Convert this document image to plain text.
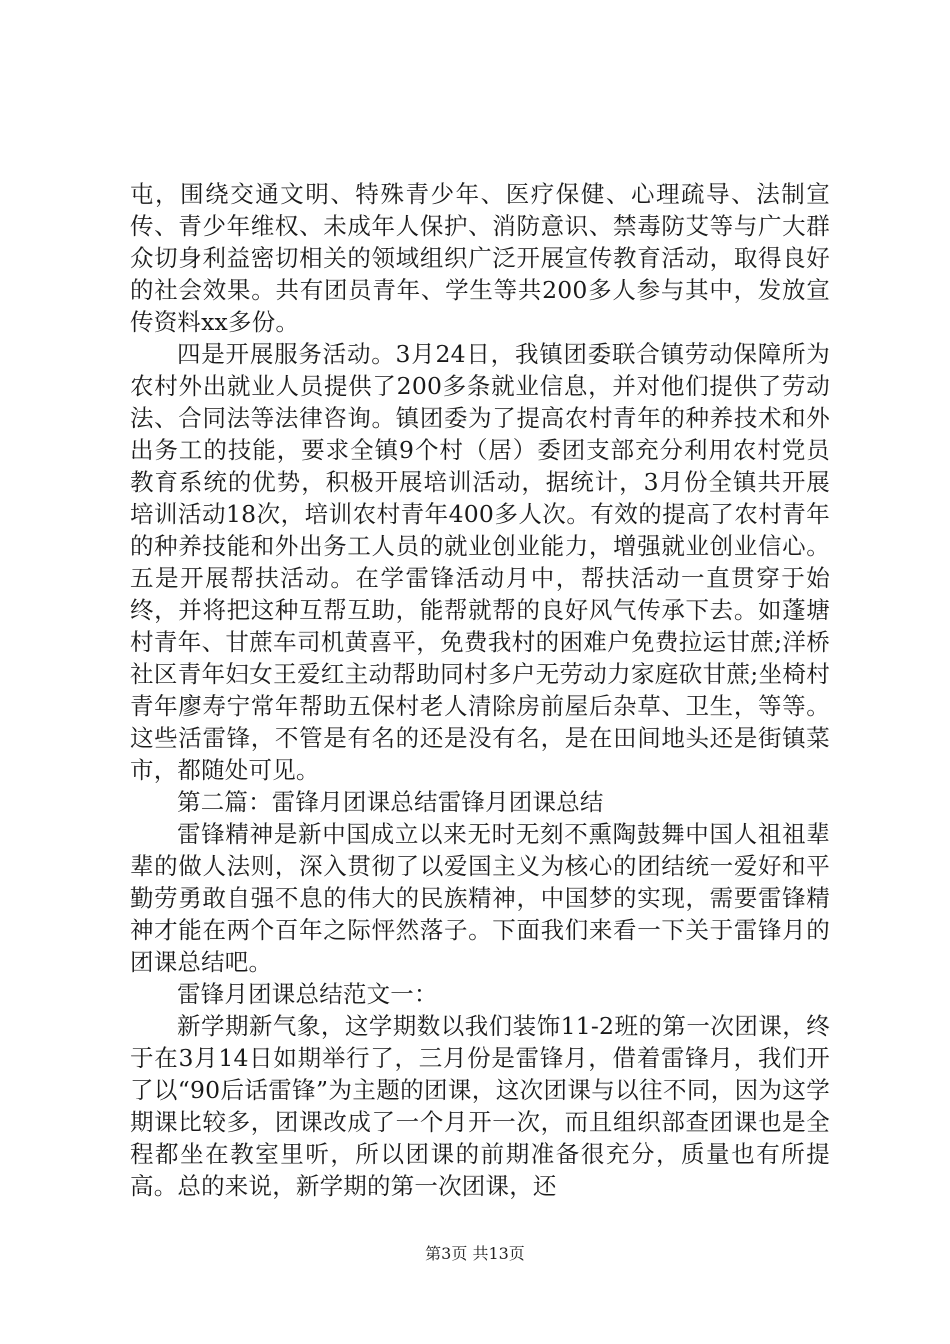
屯，围绕交通文明、特殊青少年、医疗保健、心理疏导、法制宣传、青少年维权、未成年人保护、消防意识、禁毒防艾等与广大群众切身利益密切相关的领域组织广泛开展宣传教育活动，取得良好的社会效果。共有团员青年、学生等共200多人参与其中，发放宣传资料xx多份。

四是开展服务活动。3月24日，我镇团委联合镇劳动保障所为农村外出就业人员提供了200多条就业信息，并对他们提供了劳动法、合同法等法律咨询。镇团委为了提高农村青年的种养技术和外出务工的技能，要求全镇9个村（居）委团支部充分利用农村党员教育系统的优势，积极开展培训活动，据统计，3月份全镇共开展培训活动18次，培训农村青年400多人次。有效的提高了农村青年的种养技能和外出务工人员的就业创业能力，增强就业创业信心。五是开展帮扶活动。在学雷锋活动月中，帮扶活动一直贯穿于始终，并将把这种互帮互助，能帮就帮的良好风气传承下去。如蓬塘村青年、甘蔗车司机黄喜平，免费我村的困难户免费拉运甘蔗;洋桥社区青年妇女王爱红主动帮助同村多户无劳动力家庭砍甘蔗;坐椅村青年廖寿宁常年帮助五保村老人清除房前屋后杂草、卫生，等等。这些活雷锋，不管是有名的还是没有名，是在田间地头还是街镇菜市，都随处可见。

第二篇：雷锋月团课总结雷锋月团课总结

雷锋精神是新中国成立以来无时无刻不熏陶鼓舞中国人祖祖辈辈的做人法则，深入贯彻了以爱国主义为核心的团结统一爱好和平勤劳勇敢自强不息的伟大的民族精神，中国梦的实现，需要雷锋精神才能在两个百年之际怦然落子。下面我们来看一下关于雷锋月的团课总结吧。

雷锋月团课总结范文一：

新学期新气象，这学期数以我们装饰11-2班的第一次团课，终于在3月14日如期举行了，三月份是雷锋月，借着雷锋月，我们开了以“90后话雷锋”为主题的团课，这次团课与以往不同，因为这学期课比较多，团课改成了一个月开一次，而且组织部查团课也是全程都坐在教室里听，所以团课的前期准备很充分，质量也有所提高。总的来说，新学期的第一次团课，还

第3页 共13页
